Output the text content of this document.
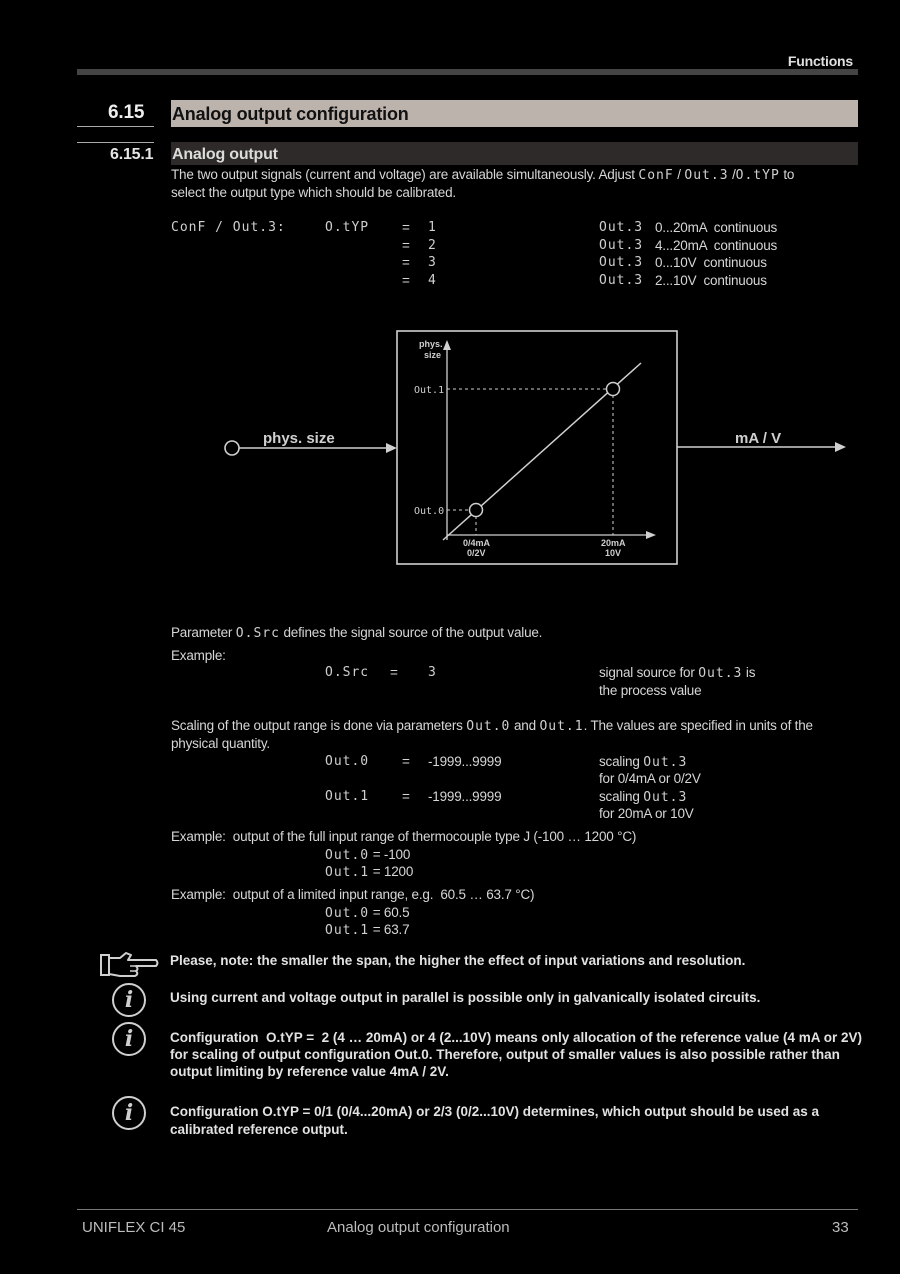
Functions
6.15 Analog output configuration
6.15.1 Analog output
The two output signals (current and voltage) are available simultaneously. Adjust ConF / Out.3 /O.tYP to
select the output type which should be calibrated.
ConF / Out.3:	O.tYP = 1	Out.3 0...20mA  continuous
= 2	Out.3 4...20mA  continuous
= 3	Out.3 0...10V  continuous
= 4	Out.3 2...10V  continuous
phys. size	mA / V
phys.
size
Out.1
Out.0
0/4mA
0/2V
20mA
10V
Parameter O.Src defines the signal source of the output value.
Example:
O.Src = 3	signal source for Out.3 is
the process value
Scaling of the output range is done via parameters Out.0 and Out.1. The values are specified in units of the
physical quantity.
Out.0 = -1999...9999	scaling Out.3
for 0/4mA or 0/2V
Out.1 = -1999...9999	scaling Out.3
for 20mA or 10V
Example:  output of the full input range of thermocouple type J (-100 … 1200 °C)
Out.0 = -100
Out.1 = 1200
Example:  output of a limited input range, e.g.  60.5 … 63.7 °C)
Out.0 = 60.5
Out.1 = 63.7
Please, note: the smaller the span, the higher the effect of input variations and resolution.
i	Using current and voltage output in parallel is possible only in galvanically isolated circuits.
i	Configuration  O.tYP =  2 (4 … 20mA) or 4 (2...10V) means only allocation of the reference value (4 mA or 2V)
for scaling of output configuration Out.0. Therefore, output of smaller values is also possible rather than
output limiting by reference value 4mA / 2V.
i	Configuration O.tYP = 0/1 (0/4...20mA) or 2/3 (0/2...10V) determines, which output should be used as a
calibrated reference output.
UNIFLEX CI 45	Analog output configuration	33
